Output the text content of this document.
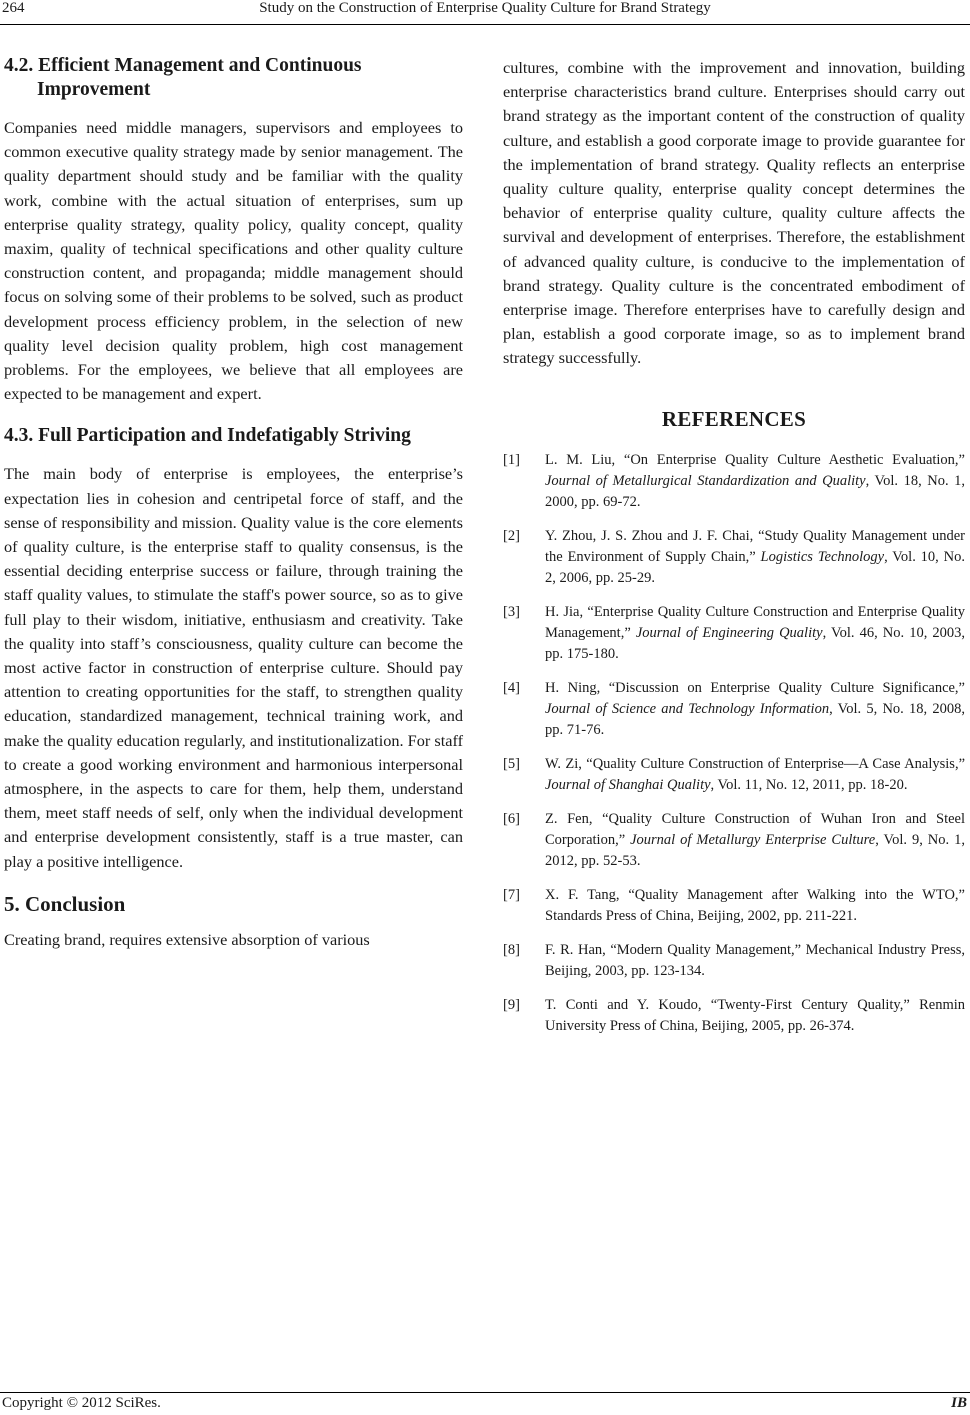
264	Study on the Construction of Enterprise Quality Culture for Brand Strategy
4.2. Efficient Management and Continuous
Improvement

Companies need middle managers, supervisors and employees to common executive quality strategy made by senior management. The quality department should study and be familiar with the quality work, combine with the actual situation of enterprises, sum up enterprise quality strategy, quality policy, quality concept, quality maxim, quality of technical specifications and other quality culture construction content, and propaganda; middle management should focus on solving some of their problems to be solved, such as product development process efficiency problem, in the selection of new quality level decision quality problem, high cost management problems. For the employees, we believe that all employees are expected to be management and expert.

4.3. Full Participation and Indefatigably Striving

The main body of enterprise is employees, the enterprise’s expectation lies in cohesion and centripetal force of staff, and the sense of responsibility and mission. Quality value is the core elements of quality culture, is the enterprise staff to quality consensus, is the essential deciding enterprise success or failure, through training the staff quality values, to stimulate the staff's power source, so as to give full play to their wisdom, initiative, enthusiasm and creativity. Take the quality into staff’s consciousness, quality culture can become the most active factor in construction of enterprise culture. Should pay attention to creating opportunities for the staff, to strengthen quality education, standardized management, technical training work, and make the quality education regularly, and institutionalization. For staff to create a good working environment and harmonious interpersonal atmosphere, in the aspects to care for them, help them, understand them, meet staff needs of self, only when the individual development and enterprise development consistently, staff is a true master, can play a positive intelligence.

5. Conclusion

Creating brand, requires extensive absorption of various

cultures, combine with the improvement and innovation, building enterprise characteristics brand culture. Enterprises should carry out brand strategy as the important content of the construction of quality culture, and establish a good corporate image to provide guarantee for the implementation of brand strategy. Quality reflects an enterprise quality culture quality, enterprise quality concept determines the behavior of enterprise quality culture, quality culture affects the survival and development of enterprises. Therefore, the establishment of advanced quality culture, is conducive to the implementation of brand strategy. Quality culture is the concentrated embodiment of enterprise image. Therefore enterprises have to carefully design and plan, establish a good corporate image, so as to implement brand strategy successfully.

REFERENCES
[1] L. M. Liu, “On Enterprise Quality Culture Aesthetic Evaluation,” Journal of Metallurgical Standardization and Quality, Vol. 18, No. 1, 2000, pp. 69-72.
[2] Y. Zhou, J. S. Zhou and J. F. Chai, “Study Quality Management under the Environment of Supply Chain,” Logistics Technology, Vol. 10, No. 2, 2006, pp. 25-29.
[3] H. Jia, “Enterprise Quality Culture Construction and Enterprise Quality Management,” Journal of Engineering Quality, Vol. 46, No. 10, 2003, pp. 175-180.
[4] H. Ning, “Discussion on Enterprise Quality Culture Significance,” Journal of Science and Technology Information, Vol. 5, No. 18, 2008, pp. 71-76.
[5] W. Zi, “Quality Culture Construction of Enterprise—A Case Analysis,” Journal of Shanghai Quality, Vol. 11, No. 12, 2011, pp. 18-20.
[6] Z. Fen, “Quality Culture Construction of Wuhan Iron and Steel Corporation,” Journal of Metallurgy Enterprise Culture, Vol. 9, No. 1, 2012, pp. 52-53.
[7] X. F. Tang, “Quality Management after Walking into the WTO,” Standards Press of China, Beijing, 2002, pp. 211-221.
[8] F. R. Han, “Modern Quality Management,” Mechanical Industry Press, Beijing, 2003, pp. 123-134.
[9] T. Conti and Y. Koudo, “Twenty-First Century Quality,” Renmin University Press of China, Beijing, 2005, pp. 26-374.
Copyright © 2012 SciRes.	IB
